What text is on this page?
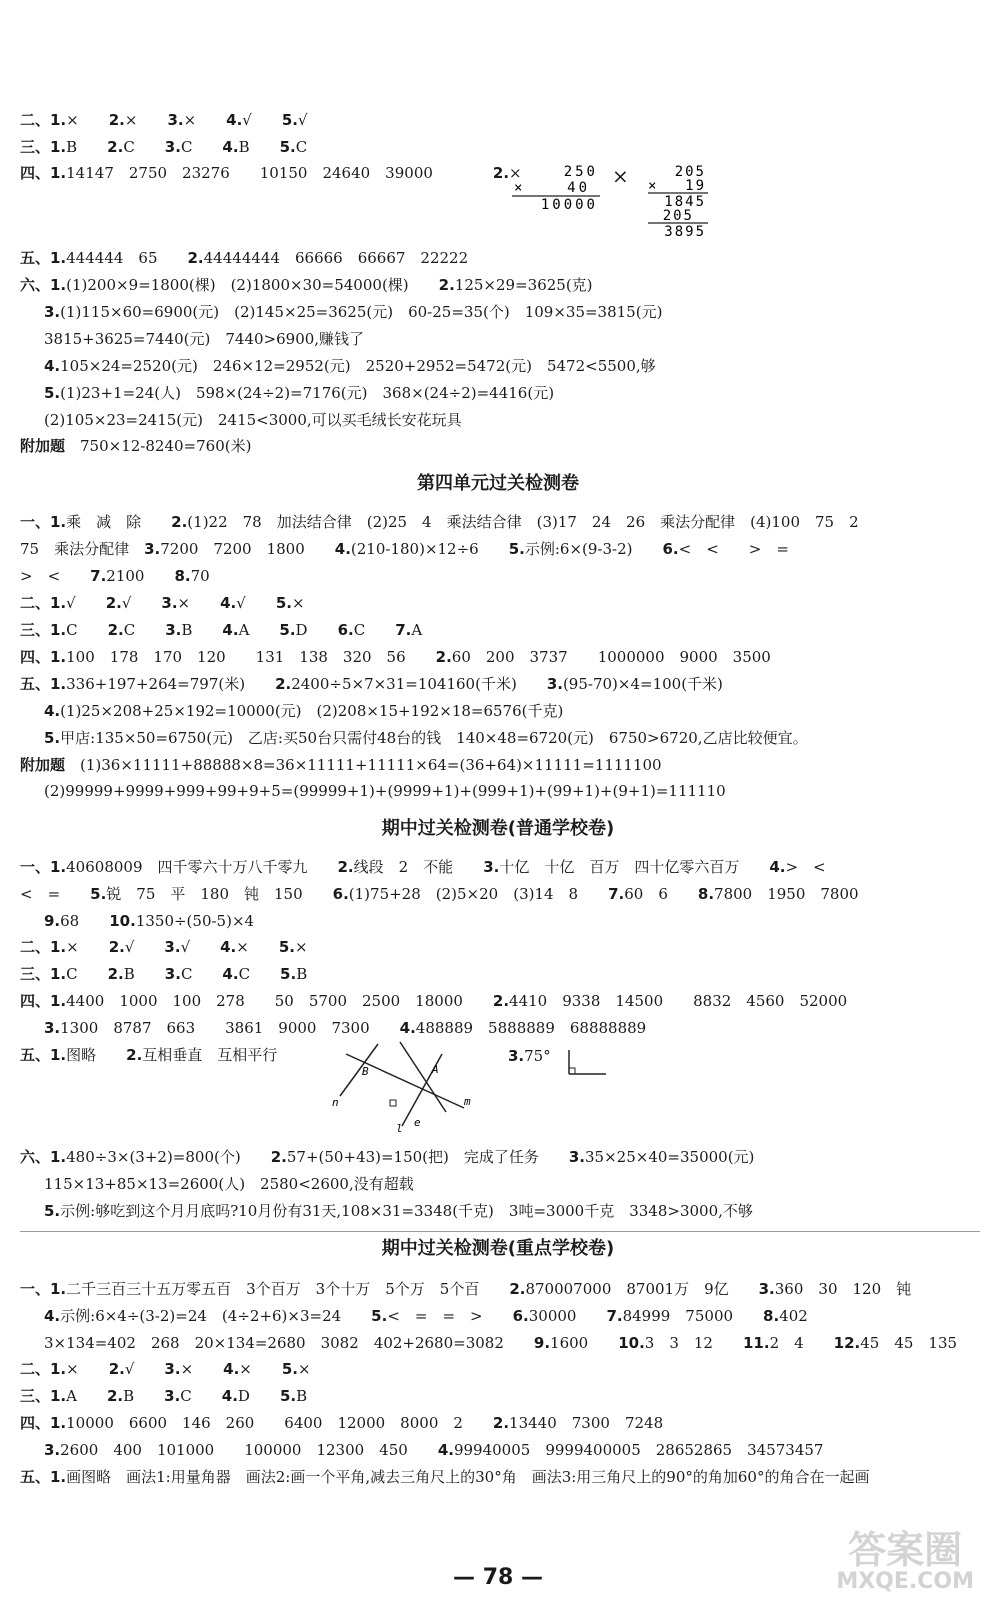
250
×	40
10000
×	205
× 19
1845
205
3895
B	A
m
n
l e
3.75°
— 78 —
答案圈
MXQE.COM
二、1.×　　2.×　　3.×　　4.√　　5.√
三、1.B　　2.C　　3.C　　4.B　　5.C
四、1.14147　2750　23276　　10150　24640　39000　　　　2.×
五、1.444444　65　　2.44444444　66666　66667　22222
六、1.(1)200×9=1800(棵)　(2)1800×30=54000(棵)　　2.125×29=3625(克)
3.(1)115×60=6900(元)　(2)145×25=3625(元)　60-25=35(个)　109×35=3815(元)
3815+3625=7440(元)　7440>6900,赚钱了
4.105×24=2520(元)　246×12=2952(元)　2520+2952=5472(元)　5472<5500,够
5.(1)23+1=24(人)　598×(24÷2)=7176(元)　368×(24÷2)=4416(元)
(2)105×23=2415(元)　2415<3000,可以买毛绒长安花玩具
附加题　750×12-8240=760(米)
第四单元过关检测卷
一、1.乘　减　除　　2.(1)22　78　加法结合律　(2)25　4　乘法结合律　(3)17　24　26　乘法分配律　(4)100　75　2
75　乘法分配律　3.7200　7200　1800　　4.(210-180)×12÷6　　5.示例:6×(9-3-2)　　6.<　<　　>　=
>　<　　7.2100　　8.70
二、1.√　　2.√　　3.×　　4.√　　5.×
三、1.C　　2.C　　3.B　　4.A　　5.D　　6.C　　7.A
四、1.100　178　170　120　　131　138　320　56　　2.60　200　3737　　1000000　9000　3500
五、1.336+197+264=797(米)　　2.2400÷5×7×31=104160(千米)　　3.(95-70)×4=100(千米)
4.(1)25×208+25×192=10000(元)　(2)208×15+192×18=6576(千克)
5.甲店:135×50=6750(元)　乙店:买50台只需付48台的钱　140×48=6720(元)　6750>6720,乙店比较便宜。
附加题　(1)36×11111+88888×8=36×11111+11111×64=(36+64)×11111=1111100
(2)99999+9999+999+99+9+5=(99999+1)+(9999+1)+(999+1)+(99+1)+(9+1)=111110
期中过关检测卷(普通学校卷)
一、1.40608009　四千零六十万八千零九　　2.线段　2　不能　　3.十亿　十亿　百万　四十亿零六百万　　4.>　<
<　=　　5.锐　75　平　180　钝　150　　6.(1)75+28　(2)5×20　(3)14　8　　7.60　6　　8.7800　1950　7800
9.68　　10.1350÷(50-5)×4
二、1.×　　2.√　　3.√　　4.×　　5.×
三、1.C　　2.B　　3.C　　4.C　　5.B
四、1.4400　1000　100　278　　50　5700　2500　18000　　2.4410　9338　14500　　8832　4560　52000
3.1300　8787　663　　3861　9000　7300　　4.488889　5888889　68888889
五、1.图略　　2.互相垂直　互相平行
六、1.480÷3×(3+2)=800(个)　　2.57+(50+43)=150(把)　完成了任务　　3.35×25×40=35000(元)
115×13+85×13=2600(人)　2580<2600,没有超载
5.示例:够吃到这个月月底吗?10月份有31天,108×31=3348(千克)　3吨=3000千克　3348>3000,不够
期中过关检测卷(重点学校卷)
一、1.二千三百三十五万零五百　3个百万　3个十万　5个万　5个百　　2.870007000　87001万　9亿　　3.360　30　120　钝
4.示例:6×4÷(3-2)=24　(4÷2+6)×3=24　　5.<　=　=　>　　6.30000　　7.84999　75000　　8.402
3×134=402　268　20×134=2680　3082　402+2680=3082　　9.1600　　10.3　3　12　　11.2　4　　12.45　45　135
二、1.×　　2.√　　3.×　　4.×　　5.×
三、1.A　　2.B　　3.C　　4.D　　5.B
四、1.10000　6600　146　260　　6400　12000　8000　2　　2.13440　7300　7248
3.2600　400　101000　　100000　12300　450　　4.99940005　9999400005　28652865　34573457
五、1.画图略　画法1:用量角器　画法2:画一个平角,减去三角尺上的30°角　画法3:用三角尺上的90°的角加60°的角合在一起画
